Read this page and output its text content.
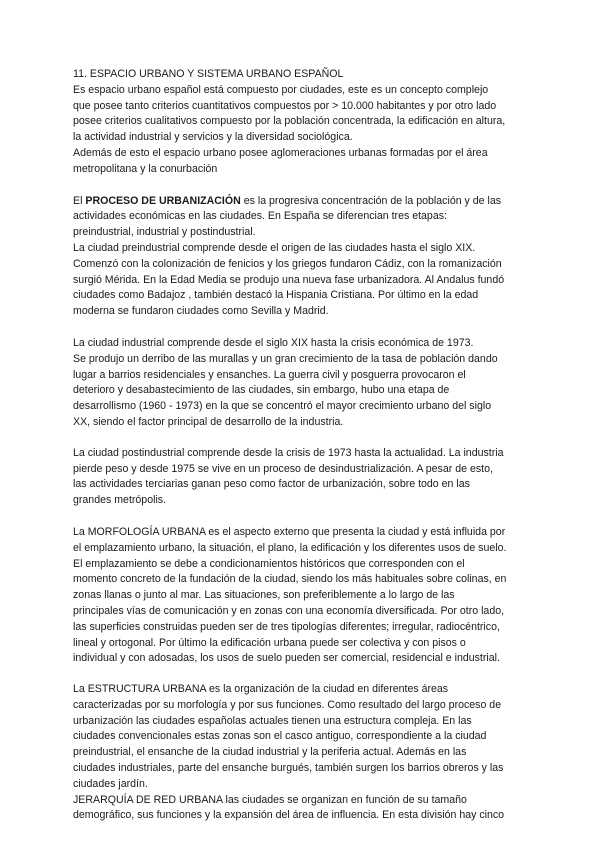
11. ESPACIO URBANO Y SISTEMA URBANO ESPAÑOL
Es espacio urbano español está compuesto por ciudades, este es un concepto complejo
que posee tanto criterios cuantitativos compuestos por > 10.000 habitantes y por otro lado
posee criterios cualitativos compuesto por la población concentrada, la edificación en altura,
la actividad industrial y servicios y la diversidad sociológica.
Además de esto el espacio urbano posee aglomeraciones urbanas formadas por el área
metropolitana y la conurbación
El PROCESO DE URBANIZACIÓN es la progresiva concentración de la población y de las
actividades económicas en las ciudades. En España se diferencian tres etapas:
preindustrial, industrial y postindustrial.
La ciudad preindustrial comprende desde el origen de las ciudades hasta el siglo XIX.
Comenzó con la colonización de fenicios y los griegos fundaron Cádiz, con la romanización
surgió Mérida. En la Edad Media se produjo una nueva fase urbanizadora. Al Andalus fundó
ciudades como Badajoz , también destacó la Hispania Cristiana. Por último en la edad
moderna se fundaron ciudades como Sevilla y Madrid.
La ciudad industrial comprende desde el siglo XIX hasta la crisis económica de 1973.
Se produjo un derribo de las murallas y un gran crecimiento de la tasa de población dando
lugar a barrios residenciales y ensanches. La guerra civil y posguerra provocaron el
deterioro y desabastecimiento de las ciudades, sin embargo, hubo una etapa de
desarrollismo (1960 - 1973) en la que se concentró el mayor crecimiento urbano del siglo
XX, siendo el factor principal de desarrollo de la industria.
La ciudad postindustrial comprende desde la crisis de 1973 hasta la actualidad. La industria
pierde peso y desde 1975 se vive en un proceso de desindustrialización. A pesar de esto,
las actividades terciarias ganan peso como factor de urbanización, sobre todo en las
grandes metrópolis.
La MORFOLOGÍA URBANA es el aspecto externo que presenta la ciudad y está influida por
el emplazamiento urbano, la situación, el plano, la edificación y los diferentes usos de suelo.
El emplazamiento se debe a condicionamientos históricos que corresponden con el
momento concreto de la fundación de la ciudad, siendo los más habituales sobre colinas, en
zonas llanas o junto al mar. Las situaciones, son preferiblemente a lo largo de las
principales vías de comunicación y en zonas con una economía diversificada. Por otro lado,
las superficies construidas pueden ser de tres tipologías diferentes; irregular, radiocéntrico,
lineal y ortogonal. Por último la edificación urbana puede ser colectiva y con pisos o
individual y con adosadas, los usos de suelo pueden ser comercial, residencial e industrial.
La ESTRUCTURA URBANA es la organización de la ciudad en diferentes áreas
caracterizadas por su morfología y por sus funciones. Como resultado del largo proceso de
urbanización las ciudades españolas actuales tienen una estructura compleja. En las
ciudades convencionales estas zonas son el casco antiguo, correspondiente a la ciudad
preindustrial, el ensanche de la ciudad industrial y la periferia actual. Además en las
ciudades industriales, parte del ensanche burgués, también surgen los barrios obreros y las
ciudades jardín.
JERARQUÍA DE RED URBANA las ciudades se organizan en función de su tamaño
demográfico, sus funciones y la expansión del área de influencia. En esta división hay cinco
